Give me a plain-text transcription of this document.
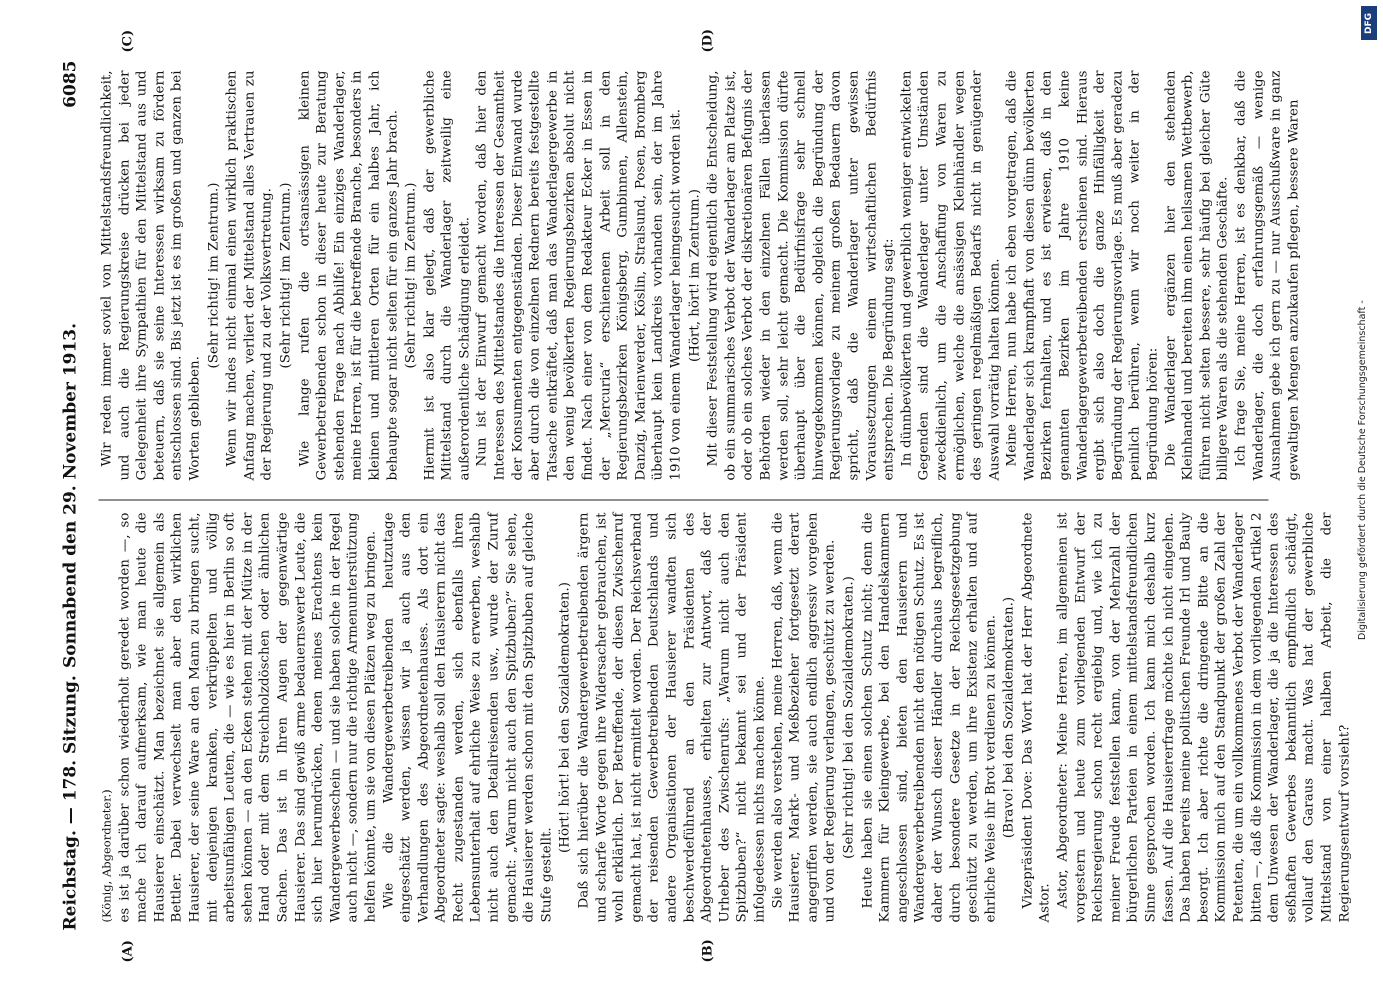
Reichstag. — 178. Sitzung.
Sonnabend den 29. November 1913.
6085
(A)	(B)
(C)	(D)

(König, Abgeordneter.) es ist ja darüber schon wiederholt geredet worden —, so mache ich darauf aufmerksam, wie man heute die Hausierer einschätzt. Man bezeichnet sie allgemein als Bettler. Dabei verwechselt man aber den wirklichen Hausierer, der seine Ware an den Mann zu bringen sucht, mit denjenigen kranken, verkrüppelten und völlig arbeitsunfähigen Leuten, die — wie es hier in Berlin so oft sehen können — an den Ecken stehen mit der Mütze in der Hand oder mit dem Streichholzdöschen oder ähnlichen Sachen. Das ist in Ihren Augen der gegenwärtige Hausierer. Das sind gewiß arme bedauernswerte Leute, die sich hier herumdrücken, denen meines Erachtens kein Wandergewerbeschein — und sie haben solche in der Regel auch nicht —, sondern nur die richtige Armenunterstützung helfen könnte, um sie von diesen Plätzen weg zu bringen. Wie die Wandergewerbetreibenden heutzutage eingeschätzt werden, wissen wir ja auch aus den Verhandlungen des Abgeordnetenhauses. Als dort ein Abgeordneter sagte: weshalb soll den Hausierern nicht das Recht zugestanden werden, sich ebenfalls ihren Lebensunterhalt auf ehrliche Weise zu erwerben, weshalb nicht auch den Detailreisenden usw., wurde der Zuruf gemacht: „Warum nicht auch den Spitzbuben?“ Sie sehen, die Hausierer werden schon mit den Spitzbuben auf gleiche Stufe gestellt.

(Hört! hört! bei den Sozialdemokraten.) Daß sich hierüber die Wandergewerbetreibenden ärgern und scharfe Worte gegen ihre Widersacher gebrauchen, ist wohl erklärlich. Der Betreffende, der diesen Zwischenruf gemacht hat, ist nicht ermittelt worden. Der Reichsverband der reisenden Gewerbetreibenden Deutschlands und andere Organisationen der Hausierer wandten sich beschwerdeführend an den Präsidenten des Abgeordnetenhauses, erhielten zur Antwort, daß der Urheber des Zwischenrufs: „Warum nicht auch den Spitzbuben?“ nicht bekannt sei und der Präsident infolgedessen nichts machen könne. Sie werden also verstehen, meine Herren, daß, wenn die Hausierer, Markt- und Meßbezieher fortgesetzt derart angegriffen werden, sie auch endlich aggressiv vorgehen und von der Regierung verlangen, geschützt zu werden. (Sehr richtig! bei den Sozialdemokraten.) Heute haben sie einen solchen Schutz nicht; denn die Kammern für Kleingewerbe, bei den Handelskammern angeschlossen sind, bieten den Hausierern und Wandergewerbetreibenden nicht den nötigen Schutz. Es ist daher der Wunsch dieser Händler durchaus begreiflich, durch besondere Gesetze in der Reichsgesetzgebung geschützt zu werden, um ihre Existenz erhalten und auf ehrliche Weise ihr Brot verdienen zu können. (Bravo! bei den Sozialdemokraten.) Vizepräsident Dove: Das Wort hat der Herr Abgeordnete Astor. Astor, Abgeordneter: Meine Herren, im allgemeinen ist vorgestern und heute zum vorliegenden Entwurf der Reichsregierung schon recht ergiebig und, wie ich zu meiner Freude feststellen kann, von der Mehrzahl der bürgerlichen Parteien in einem mittelstandsfreundlichen Sinne gesprochen worden. Ich kann mich deshalb kurz fassen. Auf die Hausiererfrage möchte ich nicht eingehen. Das haben bereits meine politischen Freunde Irl und Bauly besorgt. Ich aber richte die dringende Bitte an die Kommission mich auf den Standpunkt der großen Zahl der Petenten, die um ein vollkommenes Verbot der Wanderlager bitten —, daß die Kommission in dem vorliegenden Artikel 2 dem Unwesen der Wanderlager, die ja die Interessen des seßhaften Gewerbes bekanntlich empfindlich schädigt, vollauf den Garaus macht. Was hat der gewerbliche Mittelstand von einer halben Arbeit, die der Regierungsentwurf vorsieht?

Wir reden immer soviel von Mittelstandsfreundlichkeit, und auch die Regierungskreise drücken bei jeder Gelegenheit ihre Sympathien für den Mittelstand aus und beteuern, daß sie seine Interessen wirksam zu fördern entschlossen sind. Bis jetzt ist es im großen und ganzen bei Worten geblieben.

(Sehr richtig! im Zentrum.) Wenn wir indes nicht einmal einen wirklich praktischen Anfang machen, verliert der Mittelstand alles Vertrauen zu der Regierung und zu der Volksvertretung. (Sehr richtig! im Zentrum.) Wie lange rufen die ortsansässigen kleinen Gewerbetreibenden schon in dieser heute zur Beratung stehenden Frage nach Abhilfe! Ein einziges Wanderlager, meine Herren, ist für die betreffende Branche, besonders in kleinen und mittleren Orten für ein halbes Jahr, ich behaupte sogar nicht selten für ein ganzes Jahr brach. (Sehr richtig! im Zentrum.) Hiermit ist also klar gelegt, daß der gewerbliche Mittelstand durch die Wanderlager zeitweilig eine außerordentliche Schädigung erleidet. Nun ist der Einwurf gemacht worden, daß hier den Interessen des Mittelstandes die Interessen der Gesamtheit der Konsumenten entgegenständen. Dieser Einwand wurde aber durch die von einzelnen Rednern bereits festgestellte Tatsache entkräftet, daß man das Wanderlagergewerbe in den wenig bevölkerten Regierungsbezirken absolut nicht findet. Nach einer von dem Redakteur Ecker in Essen in der „Mercuria“ erschienenen Arbeit soll in den Regierungsbezirken Königsberg, Gumbinnen, Allenstein, Danzig, Marienwerder, Köslin, Stralsund, Posen, Bromberg überhaupt kein Landkreis vorhanden sein, der im Jahre 1910 von einem Wanderlager heimgesucht worden ist. (Hört, hört! im Zentrum.) Mit dieser Feststellung wird eigentlich die Entscheidung, ob ein summarisches Verbot der Wanderlager am Platze ist, oder ob ein solches Verbot der diskretionären Befugnis der Behörden wieder in den einzelnen Fällen überlassen werden soll, sehr leicht gemacht. Die Kommission dürfte überhaupt über die Bedürfnisfrage sehr schnell hinweggekommen können, obgleich die Begründung der Regierungsvorlage zu meinem großen Bedauern davon spricht, daß die Wanderlager unter gewissen Voraussetzungen einem wirtschaftlichen Bedürfnis entsprechen. Die Begründung sagt: In dünnbevölkerten und gewerblich weniger entwickelten Gegenden sind die Wanderlager unter Umständen zweckdienlich, um die Anschaffung von Waren zu ermöglichen, welche die ansässigen Kleinhändler wegen des geringen regelmäßigen Bedarfs nicht in genügender Auswahl vorrätig halten können. Meine Herren, nun habe ich eben vorgetragen, daß die Wanderlager sich krampfhaft von diesen dünn bevölkerten Bezirken fernhalten, und es ist erwiesen, daß in den genannten Bezirken im Jahre 1910 keine Wanderlagergewerbetreibenden erschienen sind. Hieraus ergibt sich also doch die ganze Hinfälligkeit der Begründung der Regierungsvorlage. Es muß aber geradezu peinlich berühren, wenn wir noch weiter in der Begründung hören: Die Wanderlager ergänzen hier den stehenden Kleinhandel und bereiten ihm einen heilsamen Wettbewerb, führen nicht selten bessere, sehr häufig bei gleicher Güte billigere Waren als die stehenden Geschäfte. Ich frage Sie, meine Herren, ist es denkbar, daß die Wanderlager, die doch erfahrungsgemäß — wenige Ausnahmen gebe ich gern zu — nur Ausschußware in ganz gewaltigen Mengen anzukaufen pflegen, bessere Waren

DFG
Digitalisierung gefördert durch die Deutsche Forschungsgemeinschaft -
